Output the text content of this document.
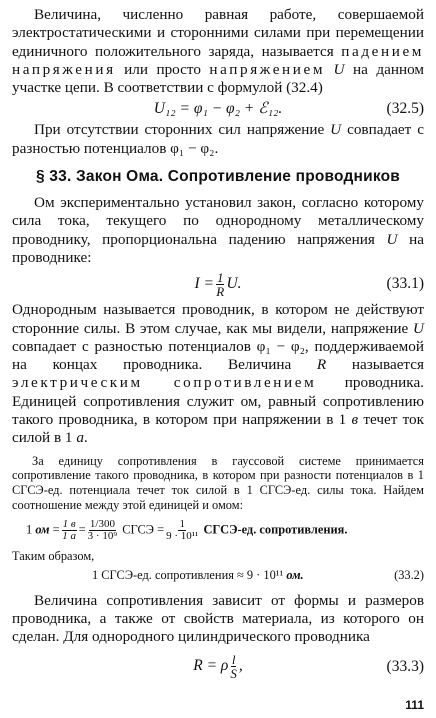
Величина, численно равная работе, совершаемой электростатическими и сторонними силами при перемещении единичного положительного заряда, называется падением напряжения или просто напряжением U на данном участке цепи. В соответствии с формулой (32.4)

U₁₂ = φ₁ − φ₂ + ℰ₁₂.	(32.5)

При отсутствии сторонних сил напряжение U совпадает с разностью потенциалов φ₁ − φ₂.

§ 33. Закон Ома. Сопротивление проводников

Ом экспериментально установил закон, согласно которому сила тока, текущего по однородному металлическому проводнику, пропорциональна падению напряжения U на проводнике:

$I = \frac{1}{R} U$.	(33.1)

Однородным называется проводник, в котором не действуют сторонние силы. В этом случае, как мы видели, напряжение U совпадает с разностью потенциалов φ₁ − φ₂, поддерживаемой на концах проводника. Величина R называется электрическим сопротивлением проводника. Единицей сопротивления служит ом, равный сопротивлению такого проводника, в котором при напряжении в 1 в течет ток силой в 1 а.

За единицу сопротивления в гауссовой системе принимается сопротивление такого проводника, в котором при разности потенциалов в 1 СГСЭ-ед. потенциала течет ток силой в 1 СГСЭ-ед. силы тока. Найдем соотношение между этой единицей и омом:

1 ом = $\frac{1 в}{1 а} = \frac{1/300}{\text{3 · 10⁹}}$ СГСЭ = $\frac{1}{\text{9 · 10¹¹}}$ СГСЭ-ед. сопротивления.

Таким образом,

1 СГСЭ-ед. сопротивления ≈ 9 · 10¹¹ ом.	(33.2)

Величина сопротивления зависит от формы и размеров проводника, а также от свойств материала, из которого он сделан. Для однородного цилиндрического проводника

R = ρ $\frac{l}{S}$ ,	(33.3)
111
